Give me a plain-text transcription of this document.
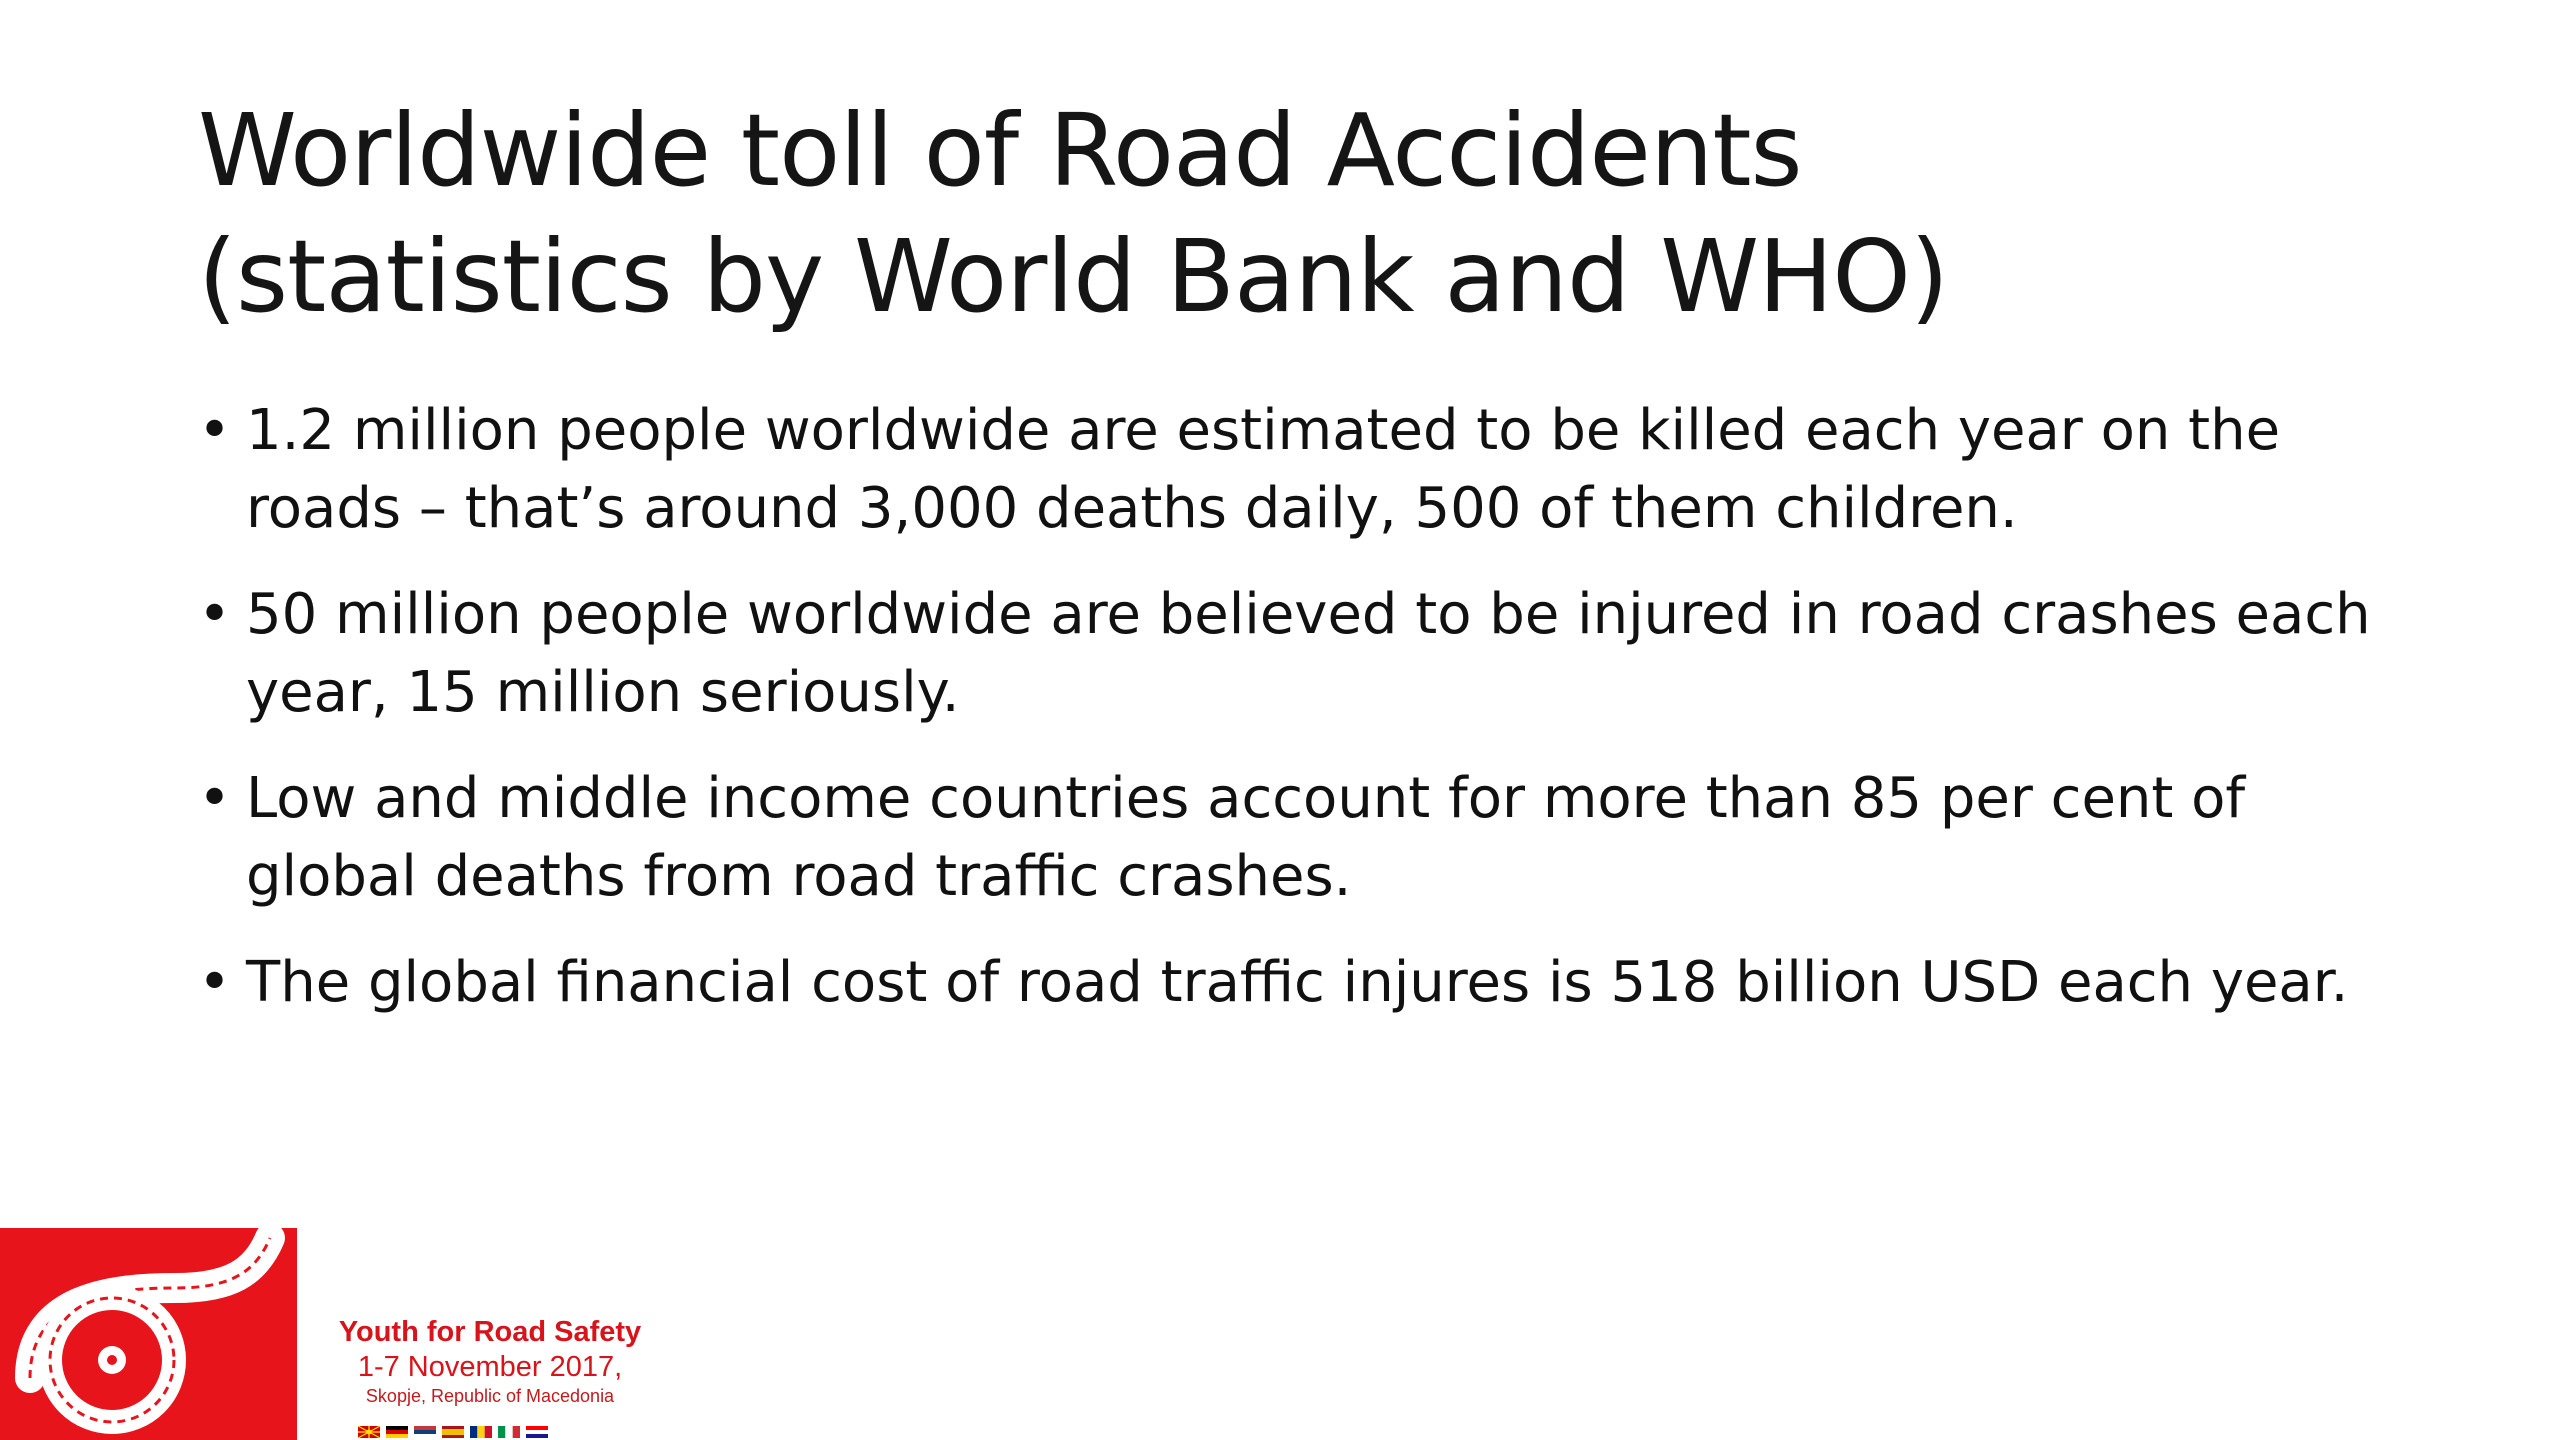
Worldwide toll of Road Accidents
(statistics by World Bank and WHO)
• 1.2 million people worldwide are estimated to be killed each year on the roads – that’s around 3,000 deaths daily, 500 of them children.
• 50 million people worldwide are believed to be injured in road crashes each year, 15 million seriously.
• Low and middle income countries account for more than 85 per cent of global deaths from road traffic crashes.
• The global financial cost of road traffic injures is 518 billion USD each year.
Youth for Road Safety
1-7 November 2017,
Skopje, Republic of Macedonia
